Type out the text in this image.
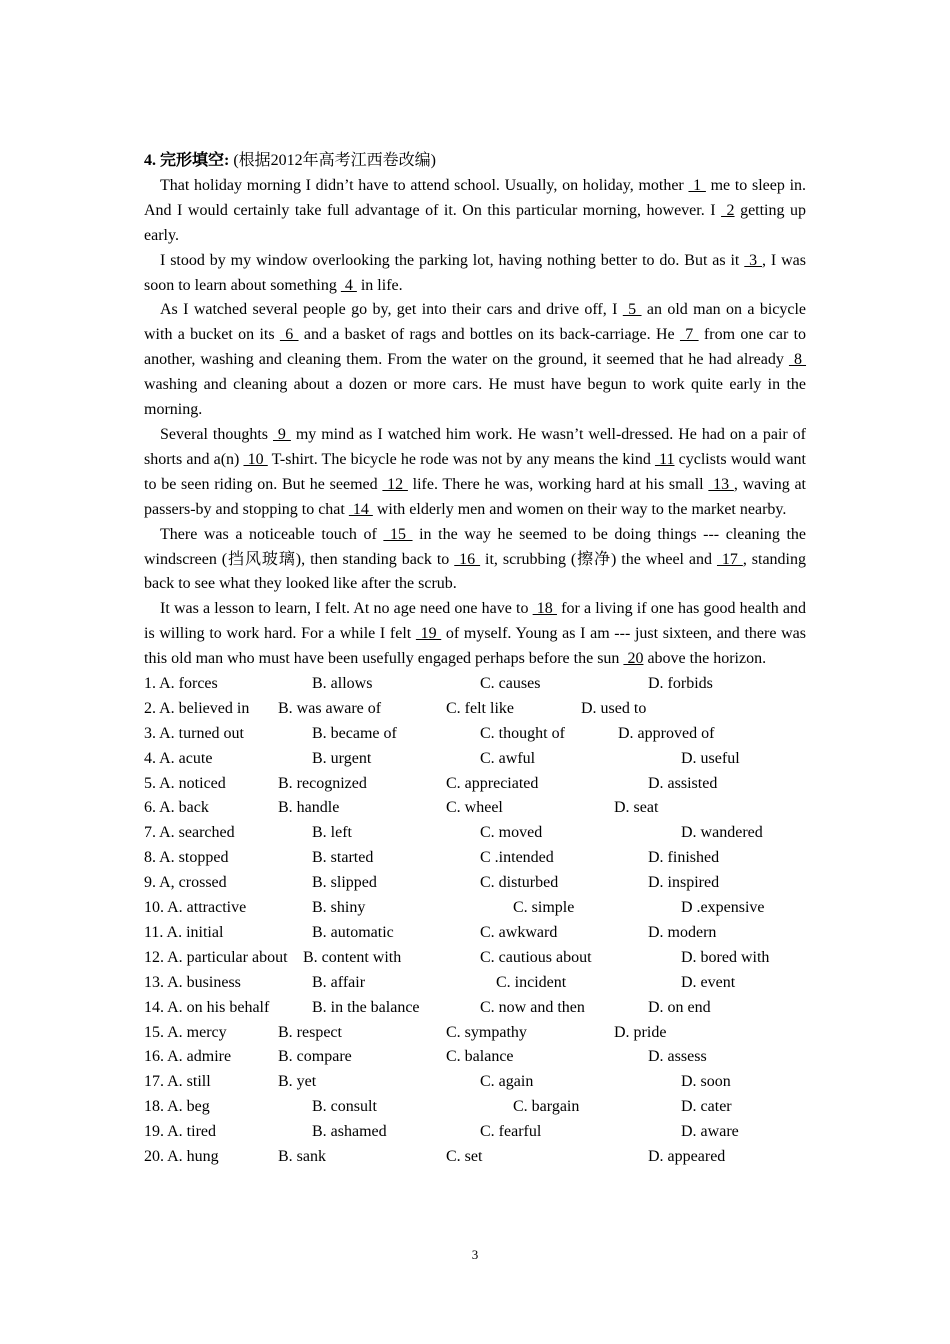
4. 完形填空: (根据2012年高考江西卷改编)

That holiday morning I didn’t have to attend school. Usually, on holiday, mother  1  me to sleep in. And I would certainly take full advantage of it. On this particular morning, however. I  2 getting up early.

I stood by my window overlooking the parking lot, having nothing better to do. But as it  3 , I was soon to learn about something  4  in life.

As I watched several people go by, get into their cars and drive off, I  5  an old man on a bicycle with a bucket on its  6  and a basket of rags and bottles on its back-carriage. He  7  from one car to another, washing and cleaning them. From the water on the ground, it seemed that he had already  8  washing and cleaning about a dozen or more cars. He must have begun to work quite early in the morning.

Several thoughts  9  my mind as I watched him work. He wasn’t well-dressed. He had on a pair of shorts and a(n)  10  T-shirt. The bicycle he rode was not by any means the kind  11 cyclists would want to be seen riding on. But he seemed  12  life. There he was, working hard at his small  13 , waving at passers-by and stopping to chat  14  with elderly men and women on their way to the market nearby.

There was a noticeable touch of  15  in the way he seemed to be doing things --- cleaning the windscreen (挡风玻璃), then standing back to  16  it, scrubbing (擦净) the wheel and  17 , standing back to see what they looked like after the scrub.

It was a lesson to learn, I felt. At no age need one have to  18  for a living if one has good health and is willing to work hard. For a while I felt  19  of myself. Young as I am --- just sixteen, and there was this old man who must have been usefully engaged perhaps before the sun  20 above the horizon.

1. A. forces	B. allows	C. causes	D. forbids
2. A. believed in B. was aware of	C. felt like	D. used to
3. A. turned out	B. became of	C. thought of	D. approved of
4. A. acute	B. urgent	C. awful	D. useful
5. A. noticed	B. recognized	C. appreciated	D. assisted
6. A. back	B. handle	C. wheel	D. seat
7. A. searched	B. left	C. moved	D. wandered
8. A. stopped	B. started	C .intended	D. finished
9. A, crossed	B. slipped	C. disturbed	D. inspired
10. A. attractive	B. shiny	C. simple	D .expensive
11. A. initial	B. automatic	C. awkward	D. modern
12. A. particular about B. content with	C. cautious about	D. bored with
13. A. business	B. affair	C. incident	D. event
14. A. on his behalf	B. in the balance	C. now and then	D. on end
15. A. mercy	B. respect	C. sympathy	D. pride
16. A. admire	B. compare	C. balance	D. assess
17. A. still	B. yet	C. again	D. soon
18. A. beg	B. consult	C. bargain	D. cater
19. A. tired	B. ashamed	C. fearful	D. aware
20. A. hung	B. sank	C. set	D. appeared
3
